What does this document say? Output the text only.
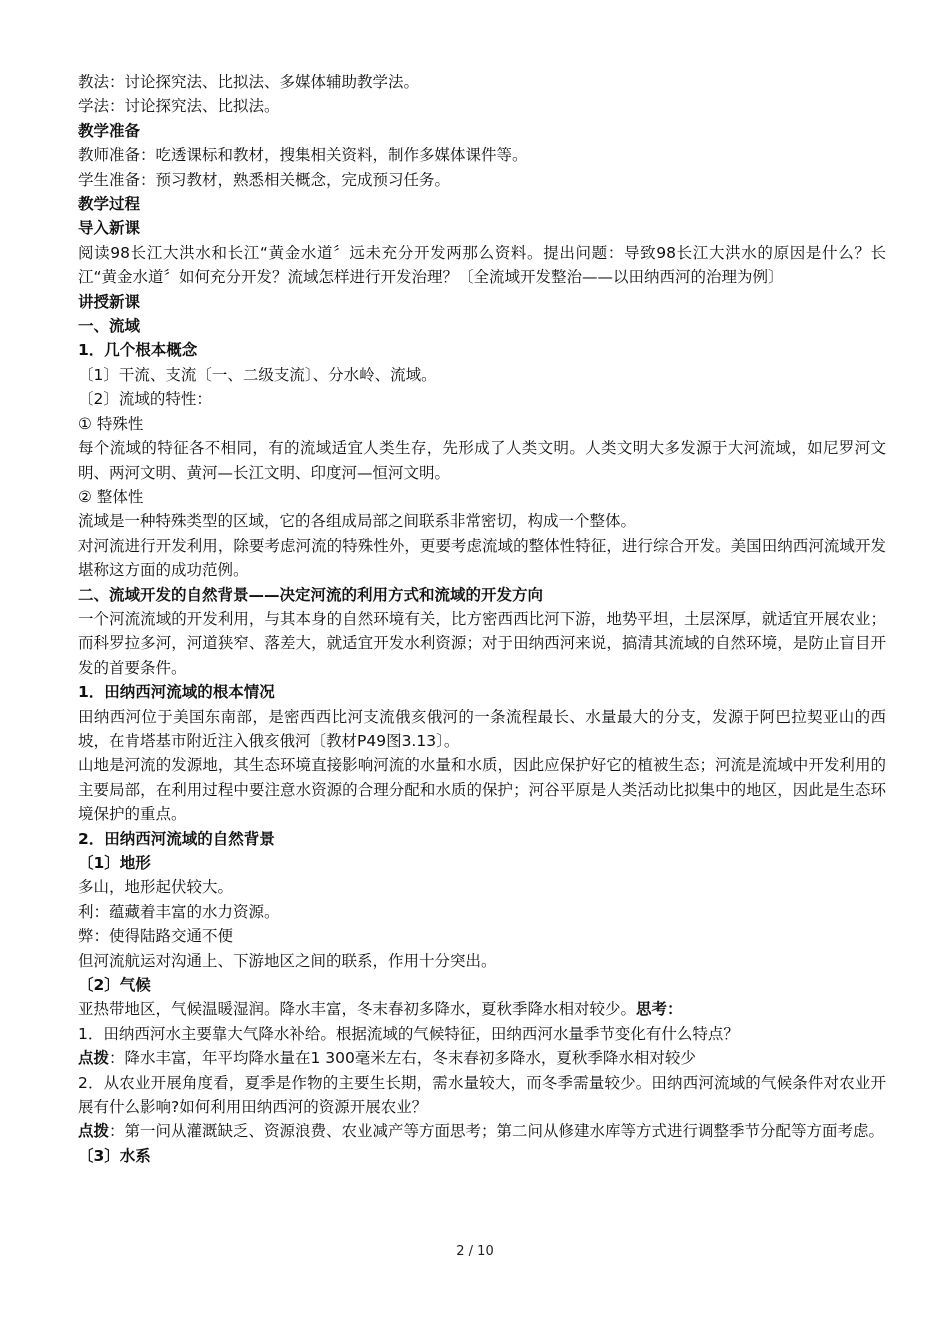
教法：讨论探究法、比拟法、多媒体辅助教学法。

学法：讨论探究法、比拟法。

教学准备

教师准备：吃透课标和教材，搜集相关资料，制作多媒体课件等。

学生准备：预习教材，熟悉相关概念，完成预习任务。

教学过程

导入新课

阅读98长江大洪水和长江“黄金水道〞远未充分开发两那么资料。提出问题：导致98长江大洪水的原因是什么？长江“黄金水道〞如何充分开发？流域怎样进行开发治理？〔全流域开发整治——以田纳西河的治理为例〕

讲授新课

一、流域

1．几个根本概念

〔1〕干流、支流〔一、二级支流〕、分水岭、流域。

〔2〕流域的特性：

① 特殊性

每个流域的特征各不相同，有的流域适宜人类生存，先形成了人类文明。人类文明大多发源于大河流域，如尼罗河文明、两河文明、黄河—长江文明、印度河—恒河文明。

② 整体性

流域是一种特殊类型的区域，它的各组成局部之间联系非常密切，构成一个整体。

对河流进行开发利用，除要考虑河流的特殊性外，更要考虑流域的整体性特征，进行综合开发。美国田纳西河流域开发堪称这方面的成功范例。

二、流域开发的自然背景——决定河流的利用方式和流域的开发方向

一个河流流域的开发利用，与其本身的自然环境有关，比方密西西比河下游，地势平坦，土层深厚，就适宜开展农业；而科罗拉多河，河道狭窄、落差大，就适宜开发水利资源；对于田纳西河来说，搞清其流域的自然环境，是防止盲目开发的首要条件。

1．田纳西河流域的根本情况

田纳西河位于美国东南部，是密西西比河支流俄亥俄河的一条流程最长、水量最大的分支，发源于阿巴拉契亚山的西坡，在肯塔基市附近注入俄亥俄河〔教材P49图3.13〕。

山地是河流的发源地，其生态环境直接影响河流的水量和水质，因此应保护好它的植被生态；河流是流域中开发利用的主要局部，在利用过程中要注意水资源的合理分配和水质的保护；河谷平原是人类活动比拟集中的地区，因此是生态环境保护的重点。

2．田纳西河流域的自然背景

〔1〕地形

多山，地形起伏较大。

利：蕴藏着丰富的水力资源。

弊：使得陆路交通不便

但河流航运对沟通上、下游地区之间的联系，作用十分突出。

〔2〕气候

亚热带地区，气候温暖湿润。降水丰富，冬末春初多降水，夏秋季降水相对较少。思考：

1．田纳西河水主要靠大气降水补给。根据流域的气候特征，田纳西河水量季节变化有什么特点？

点拨：降水丰富，年平均降水量在1 300毫米左右，冬末春初多降水，夏秋季降水相对较少

2．从农业开展角度看，夏季是作物的主要生长期，需水量较大，而冬季需量较少。田纳西河流域的气候条件对农业开展有什么影响?如何利用田纳西河的资源开展农业？

点拨：第一问从灌溉缺乏、资源浪费、农业减产等方面思考；第二问从修建水库等方式进行调整季节分配等方面考虑。

〔3〕水系

2 / 10
